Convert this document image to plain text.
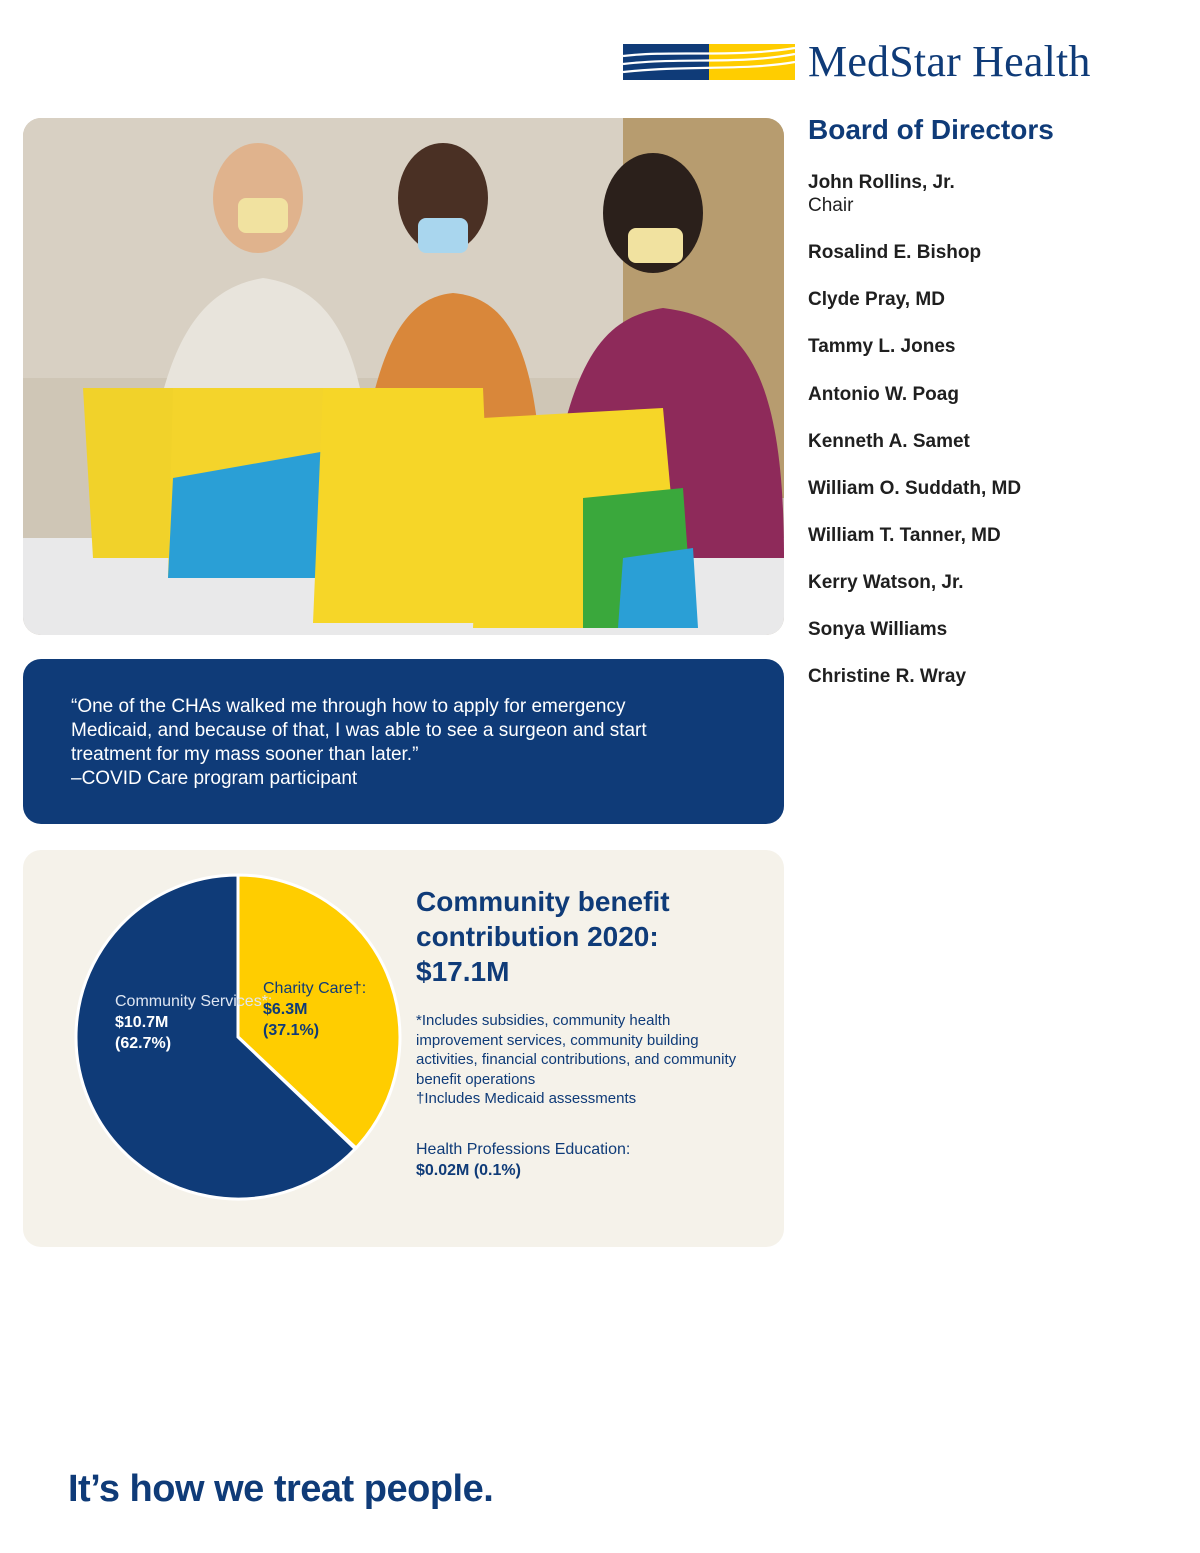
MedStar Health
“One of the CHAs walked me through how to apply for emergency Medicaid, and because of that, I was able to see a surgeon and start treatment for my mass sooner than later.”
–COVID Care program participant
Board of Directors
John Rollins, Jr.
Chair
Rosalind E. Bishop
Clyde Pray, MD
Tammy L. Jones
Antonio W. Poag
Kenneth A. Samet
William O. Suddath, MD
William T. Tanner, MD
Kerry Watson, Jr.
Sonya Williams
Christine R. Wray
Community Services*:
$10.7M
(62.7%)
Charity Care†:
$6.3M
(37.1%)
Community benefit contribution 2020: $17.1M
*Includes subsidies, community health improvement services, community building activities, financial contributions, and community benefit operations
†Includes Medicaid assessments
Health Professions Education:
$0.02M (0.1%)
It’s how we treat people.
